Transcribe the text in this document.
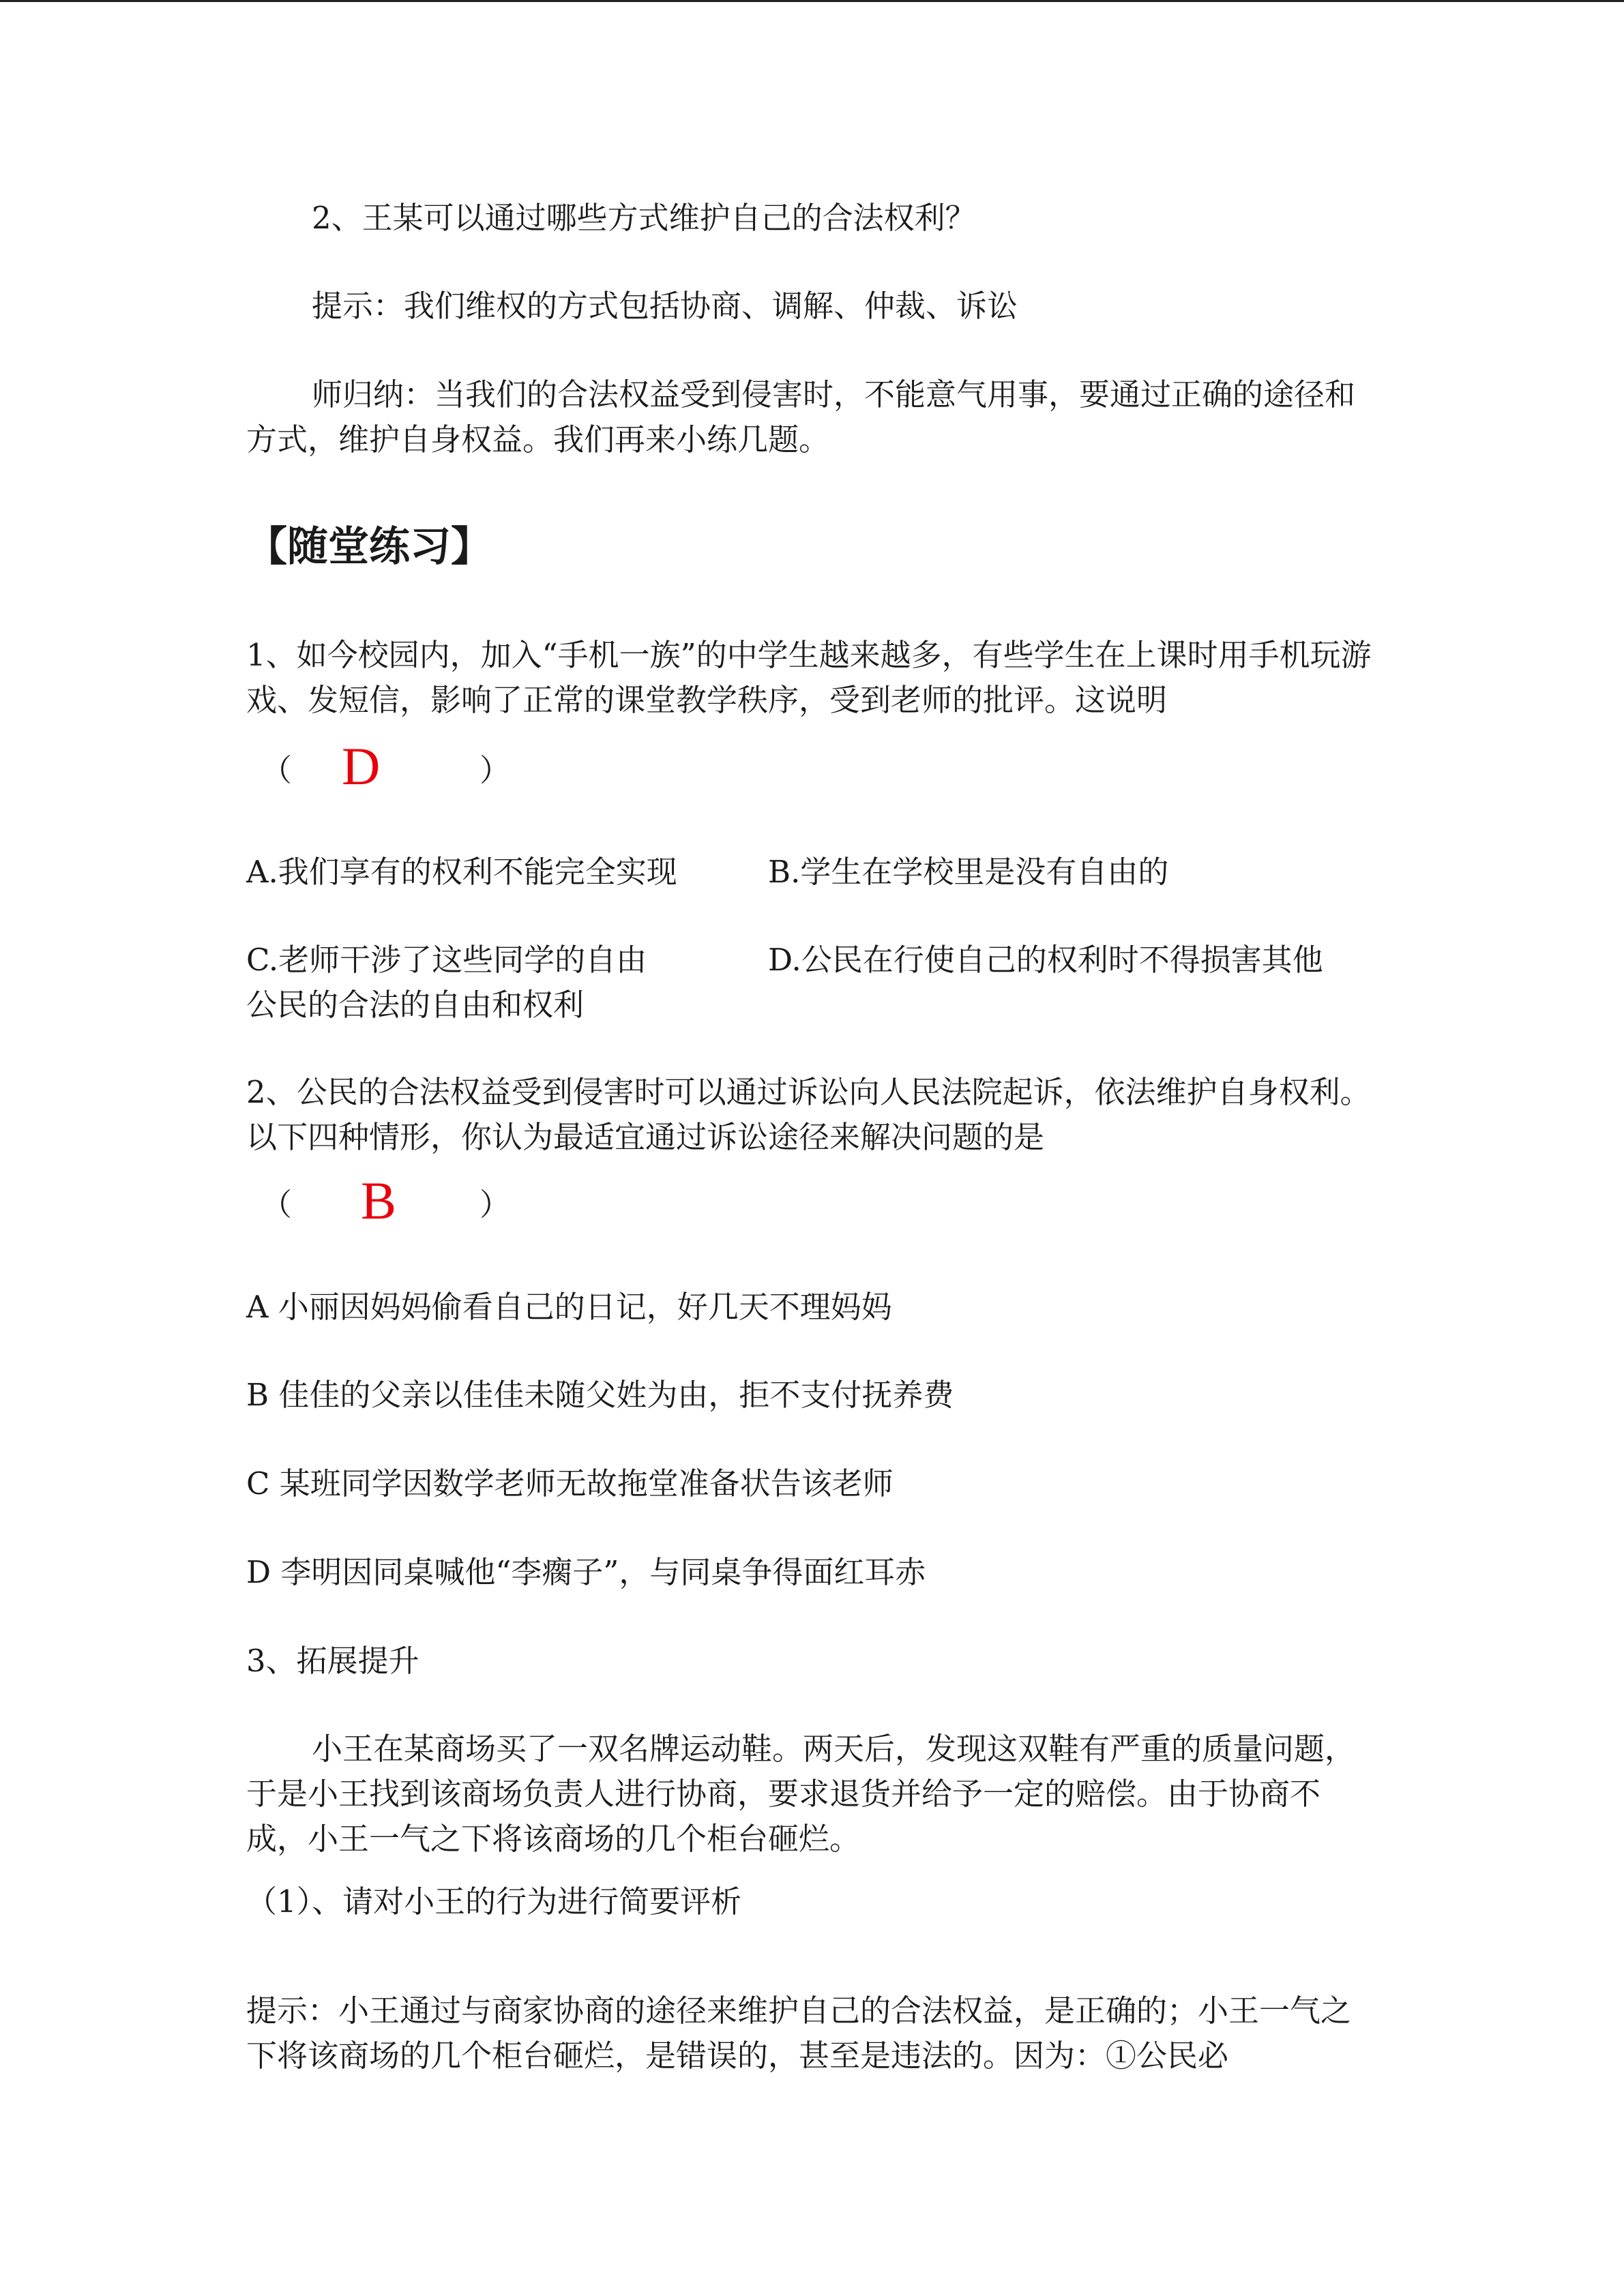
2、王某可以通过哪些方式维护自己的合法权利？

提示：我们维权的方式包括协商、调解、仲裁、诉讼

师归纳：当我们的合法权益受到侵害时，不能意气用事，要通过正确的途径和方式，维护自身权益。我们再来小练几题。

【随堂练习】

1、如今校园内，加入“手机一族”的中学生越来越多，有些学生在上课时用手机玩游戏、发短信，影响了正常的课堂教学秩序，受到老师的批评。这说明

（ D	）
A.我们享有的权利不能完全实现	B.学生在学校里是没有自由的
C.老师干涉了这些同学的自由	D.公民在行使自己的权利时不得损害其他

公民的合法的自由和权利

2、公民的合法权益受到侵害时可以通过诉讼向人民法院起诉，依法维护自身权利。以下四种情形，你认为最适宜通过诉讼途径来解决问题的是

（ B	）

A 小丽因妈妈偷看自己的日记，好几天不理妈妈

B 佳佳的父亲以佳佳未随父姓为由，拒不支付抚养费

C 某班同学因数学老师无故拖堂准备状告该老师

D 李明因同桌喊他“李瘸子”，与同桌争得面红耳赤

3、拓展提升

小王在某商场买了一双名牌运动鞋。两天后，发现这双鞋有严重的质量问题，于是小王找到该商场负责人进行协商，要求退货并给予一定的赔偿。由于协商不成，小王一气之下将该商场的几个柜台砸烂。

（1）、请对小王的行为进行简要评析

提示：小王通过与商家协商的途径来维护自己的合法权益，是正确的；小王一气之下将该商场的几个柜台砸烂，是错误的，甚至是违法的。因为：①公民必
